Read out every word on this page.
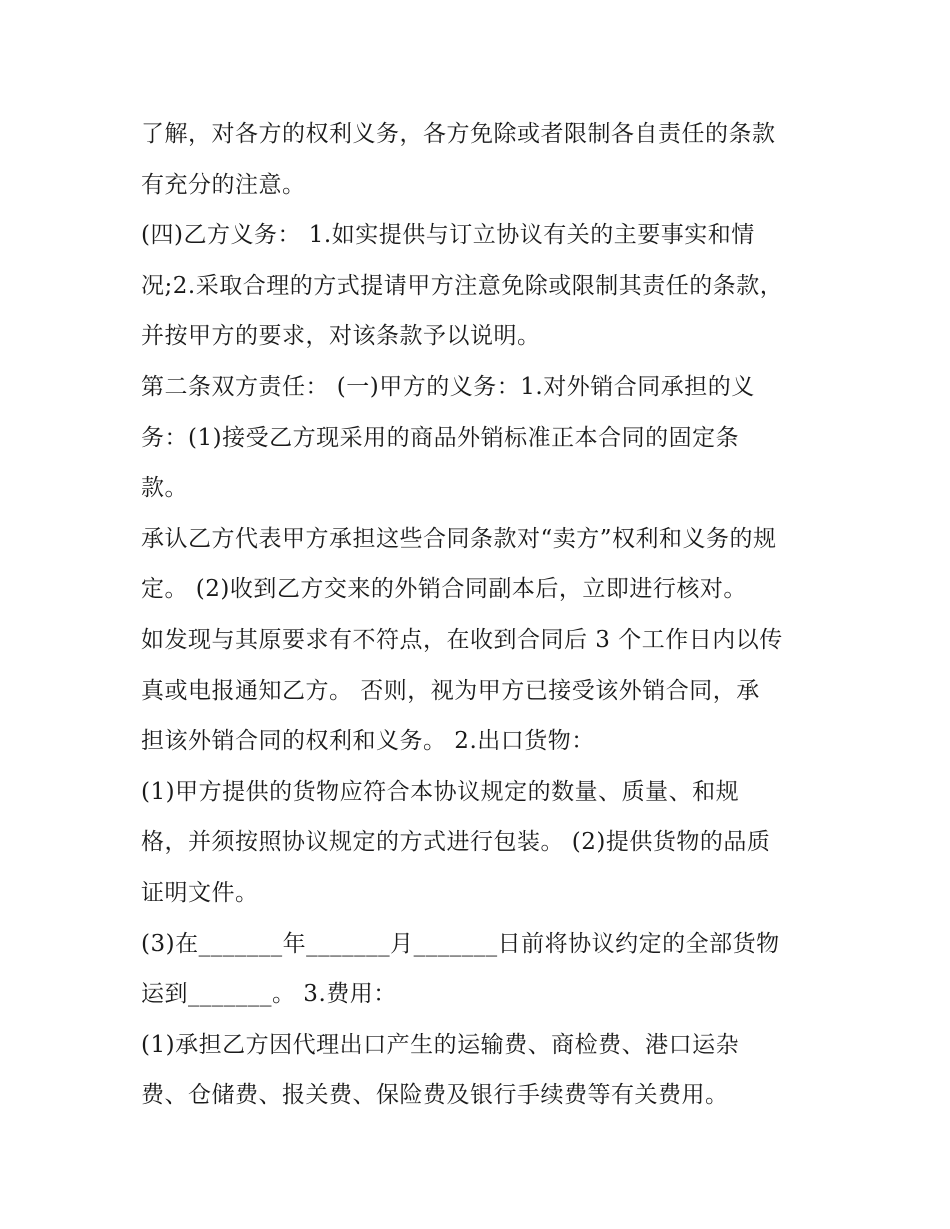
了解，对各方的权利义务，各方免除或者限制各自责任的条款
有充分的注意。
(四)乙方义务： 1.如实提供与订立协议有关的主要事实和情
况;2.采取合理的方式提请甲方注意免除或限制其责任的条款，
并按甲方的要求，对该条款予以说明。
第二条双方责任： (一)甲方的义务：1.对外销合同承担的义
务：(1)接受乙方现采用的商品外销标准正本合同的固定条
款。
承认乙方代表甲方承担这些合同条款对“卖方”权利和义务的规
定。 (2)收到乙方交来的外销合同副本后，立即进行核对。
如发现与其原要求有不符点，在收到合同后 3 个工作日内以传
真或电报通知乙方。 否则，视为甲方已接受该外销合同，承
担该外销合同的权利和义务。 2.出口货物：
(1)甲方提供的货物应符合本协议规定的数量、质量、和规
格，并须按照协议规定的方式进行包装。 (2)提供货物的品质
证明文件。
(3)在_______年_______月_______日前将协议约定的全部货物
运到_______。 3.费用：
(1)承担乙方因代理出口产生的运输费、商检费、港口运杂
费、仓储费、报关费、保险费及银行手续费等有关费用。
